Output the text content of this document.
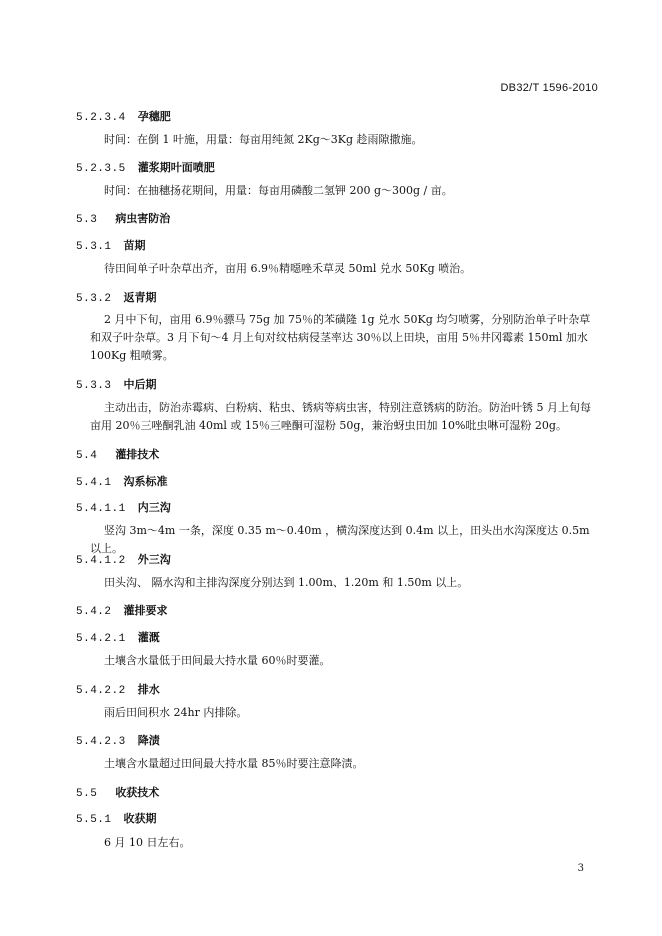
DB32/T 1596-2010
5.2.3.4 孕穗肥
时间：在倒 1 叶施，用量：每亩用纯氮 2Kg～3Kg 趁雨隙撒施。
5.2.3.5 灌浆期叶面喷肥
时间：在抽穗扬花期间，用量：每亩用磷酸二氢钾 200 g～300g / 亩。
5.3 病虫害防治
5.3.1 苗期
待田间单子叶杂草出齐，亩用 6.9％精噁唑禾草灵 50ml 兑水 50Kg 喷治。
5.3.2 返青期
2 月中下旬，亩用 6.9％骠马 75g 加 75％的苯磺隆 1g 兑水 50Kg 均匀喷雾，分别防治单子叶杂草和双子叶杂草。3 月下旬～4 月上旬对纹枯病侵茎率达 30％以上田块，亩用 5％井冈霉素 150ml 加水 100Kg 粗喷雾。
5.3.3 中后期
主动出击，防治赤霉病、白粉病、粘虫、锈病等病虫害，特别注意锈病的防治。防治叶锈 5 月上旬每亩用 20％三唑酮乳油 40ml 或 15％三唑酮可湿粉 50g，兼治蚜虫田加 10%吡虫啉可湿粉 20g。
5.4 灌排技术
5.4.1 沟系标准
5.4.1.1 内三沟
竖沟 3m～4m 一条，深度 0.35 m～0.40m ，横沟深度达到 0.4m 以上，田头出水沟深度达 0.5m 以上。
5.4.1.2 外三沟
田头沟、 隔水沟和主排沟深度分别达到 1.00m、1.20m 和 1.50m 以上。
5.4.2 灌排要求
5.4.2.1 灌溉
土壤含水量低于田间最大持水量 60％时要灌。
5.4.2.2 排水
雨后田间积水 24hr 内排除。
5.4.2.3 降渍
土壤含水量超过田间最大持水量 85％时要注意降渍。
5.5 收获技术
5.5.1 收获期
6 月 10 日左右。
3
